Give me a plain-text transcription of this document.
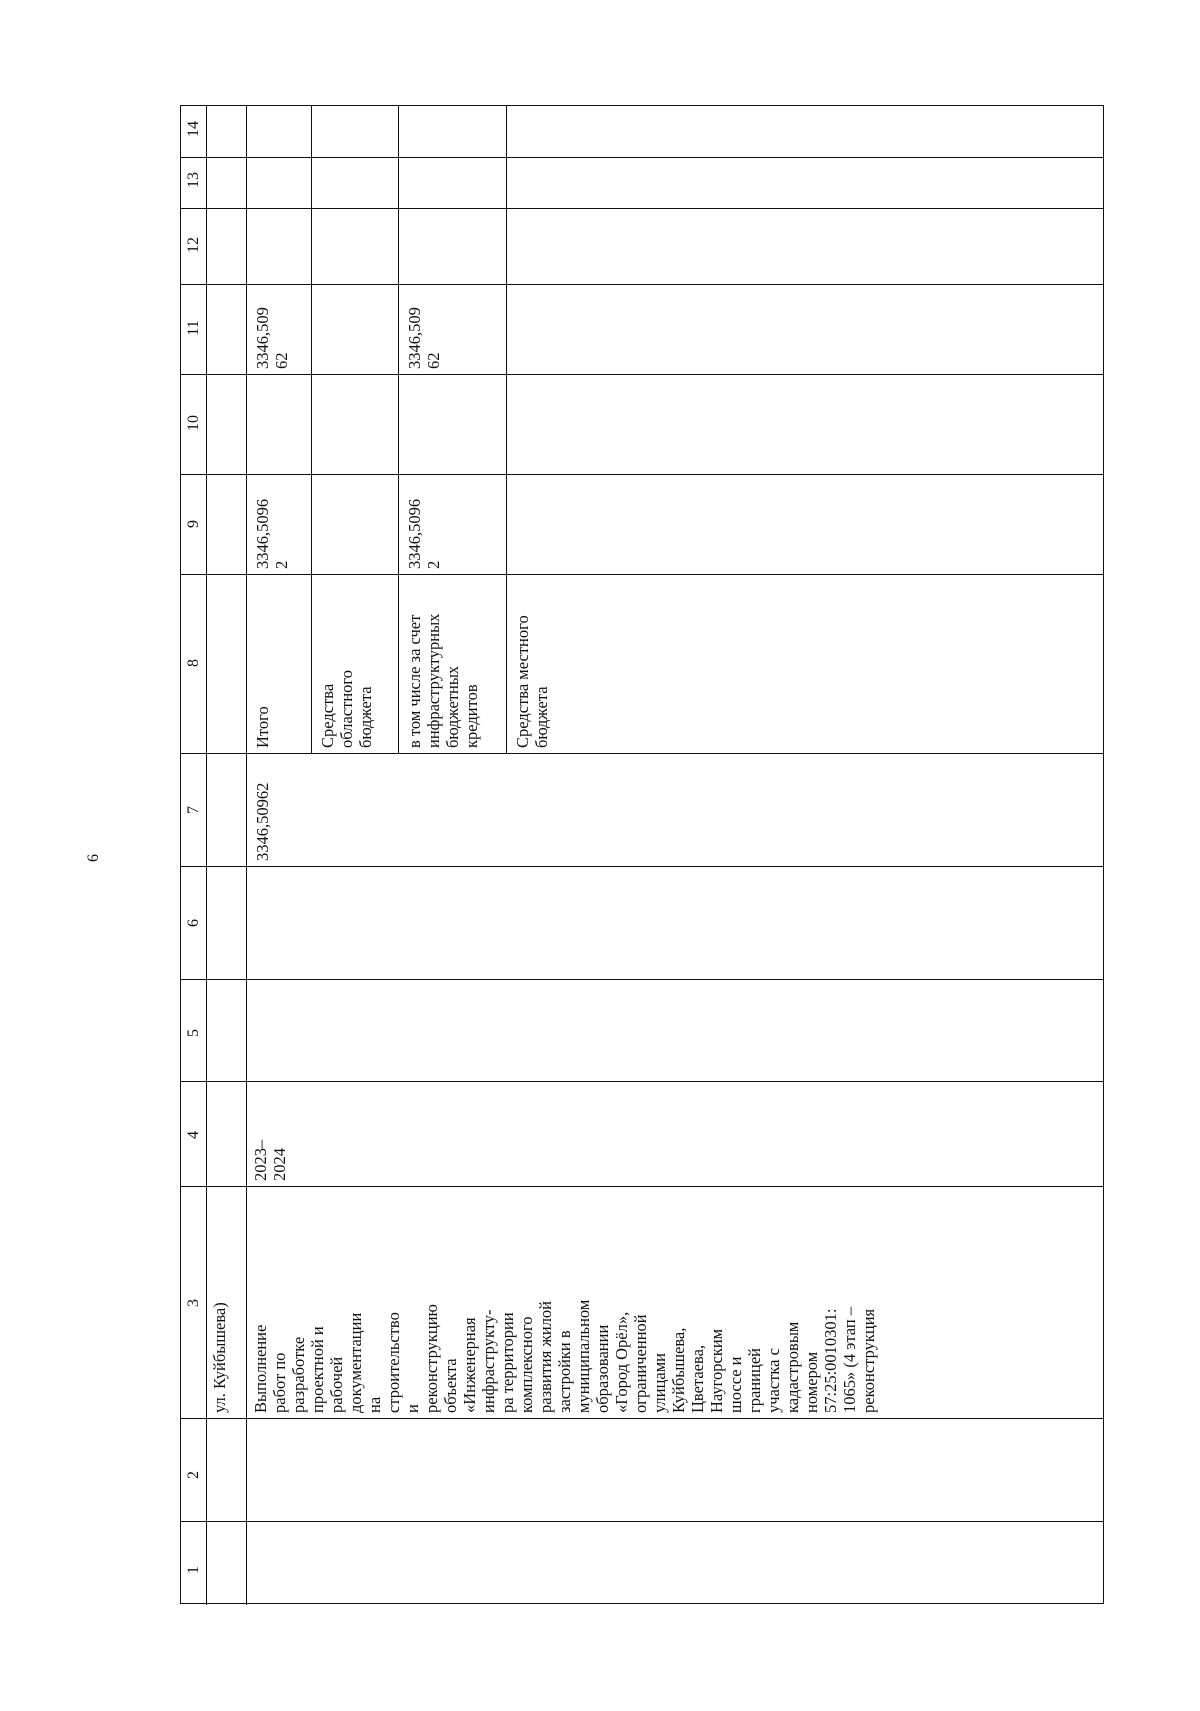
6
1
2
3
4
5
6
7
8
9
10
11
12
13
14
ул. Куйбышева) Выполнение работ по разработке проектной и рабочей документации на строительство и реконструкцию объекта «Инженерная инфраструкту- ра территории комплексного развития жилой застройки в муниципальном образовании «Город Орёл», ограниченной улицами Куйбышева, Цветаева, Наугорским шоссе и границей участка с кадастровым номером 57:25:0010301: 1065» (4 этап – реконструкция
2023– 2024
3346,50962
Итого
3346,5096 2
3346,509 62
Средства областного бюджета в том числе за счет инфраструктурных бюджетных кредитов
3346,5096 2
3346,509 62
Средства местного бюджета
